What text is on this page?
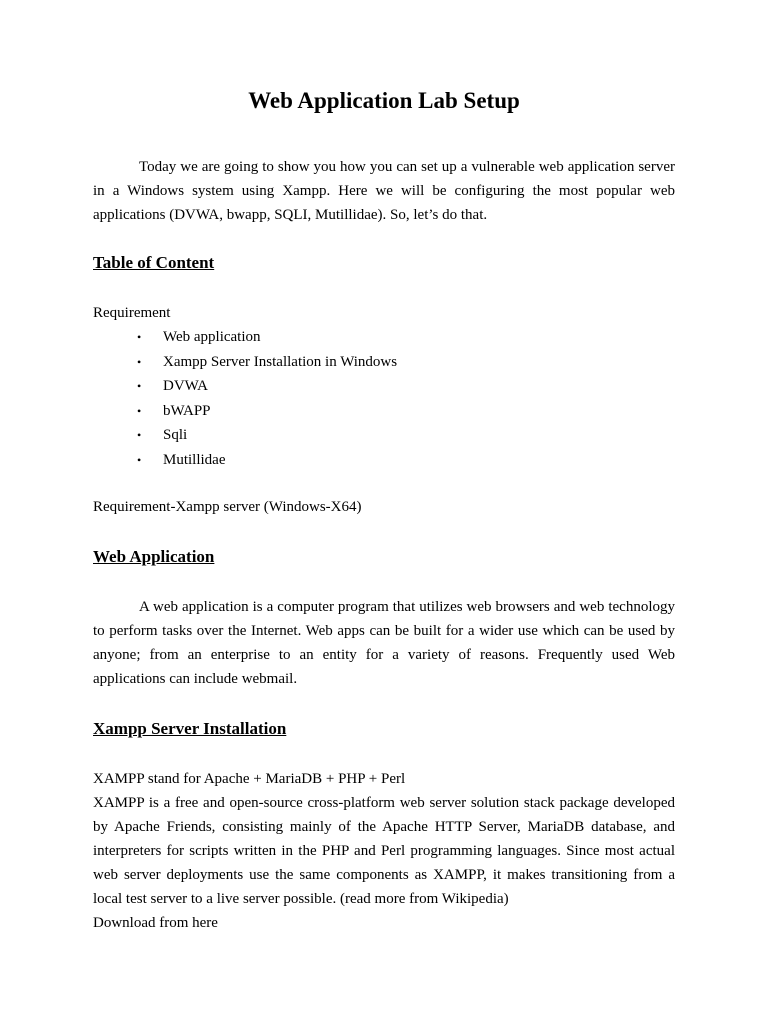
Web Application Lab Setup

Today we are going to show you how you can set up a vulnerable web application server in a Windows system using Xampp. Here we will be configuring the most popular web applications (DVWA, bwapp, SQLI, Mutillidae). So, let’s do that.

Table of Content

Requirement

• Web application
• Xampp Server Installation in Windows
• DVWA
• bWAPP
• Sqli
• Mutillidae

Requirement-Xampp server (Windows-X64)

Web Application

A web application is a computer program that utilizes web browsers and web technology to perform tasks over the Internet. Web apps can be built for a wider use which can be used by anyone; from an enterprise to an entity for a variety of reasons. Frequently used Web applications can include webmail.

Xampp Server Installation

XAMPP stand for Apache + MariaDB + PHP + Perl

XAMPP is a free and open-source cross-platform web server solution stack package developed by Apache Friends, consisting mainly of the Apache HTTP Server, MariaDB database, and interpreters for scripts written in the PHP and Perl programming languages. Since most actual web server deployments use the same components as XAMPP, it makes transitioning from a local test server to a live server possible. (read more from Wikipedia)

Download from here
